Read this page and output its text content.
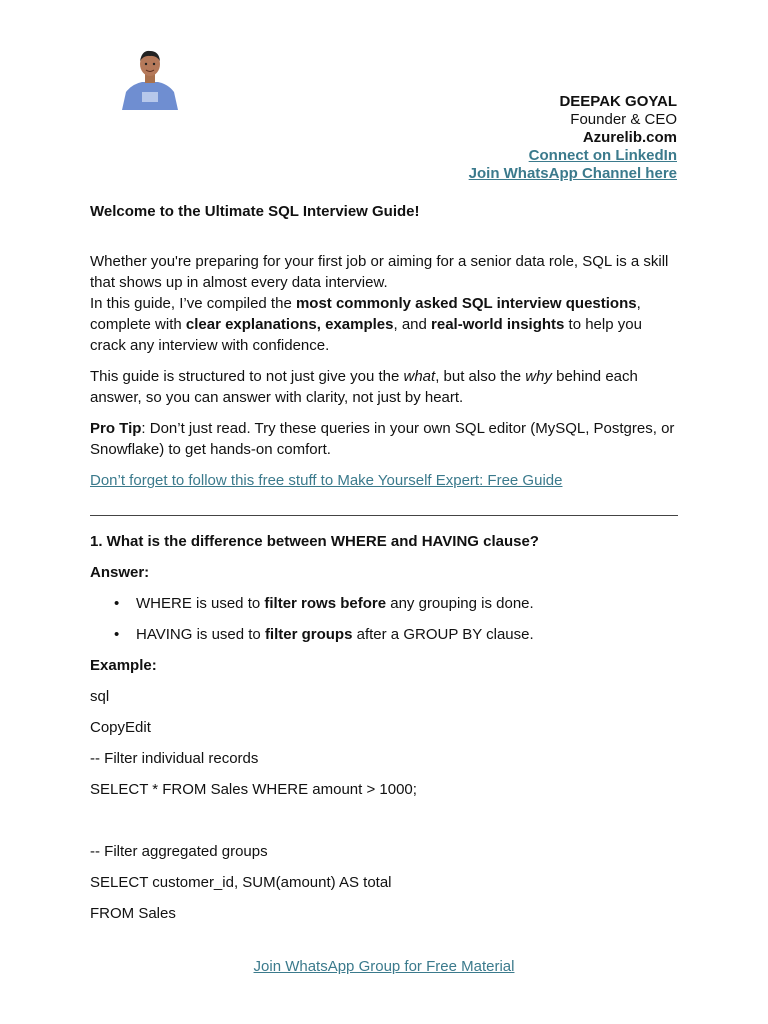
DEEPAK GOYAL
Founder & CEO
Azurelib.com
Connect on LinkedIn
Join WhatsApp Channel here

Welcome to the Ultimate SQL Interview Guide!

Whether you're preparing for your first job or aiming for a senior data role, SQL is a skill that shows up in almost every data interview.

In this guide, I’ve compiled the most commonly asked SQL interview questions, complete with clear explanations, examples, and real-world insights to help you crack any interview with confidence.

This guide is structured to not just give you the what, but also the why behind each answer, so you can answer with clarity, not just by heart.

Pro Tip: Don’t just read. Try these queries in your own SQL editor (MySQL, Postgres, or Snowflake) to get hands-on comfort.

Don’t forget to follow this free stuff to Make Yourself Expert: Free Guide

1. What is the difference between WHERE and HAVING clause?

Answer:

• WHERE is used to filter rows before any grouping is done.
• HAVING is used to filter groups after a GROUP BY clause.

Example:

sql

CopyEdit

-- Filter individual records

SELECT * FROM Sales WHERE amount > 1000;

-- Filter aggregated groups

SELECT customer_id, SUM(amount) AS total

FROM Sales

Join WhatsApp Group for Free Material
